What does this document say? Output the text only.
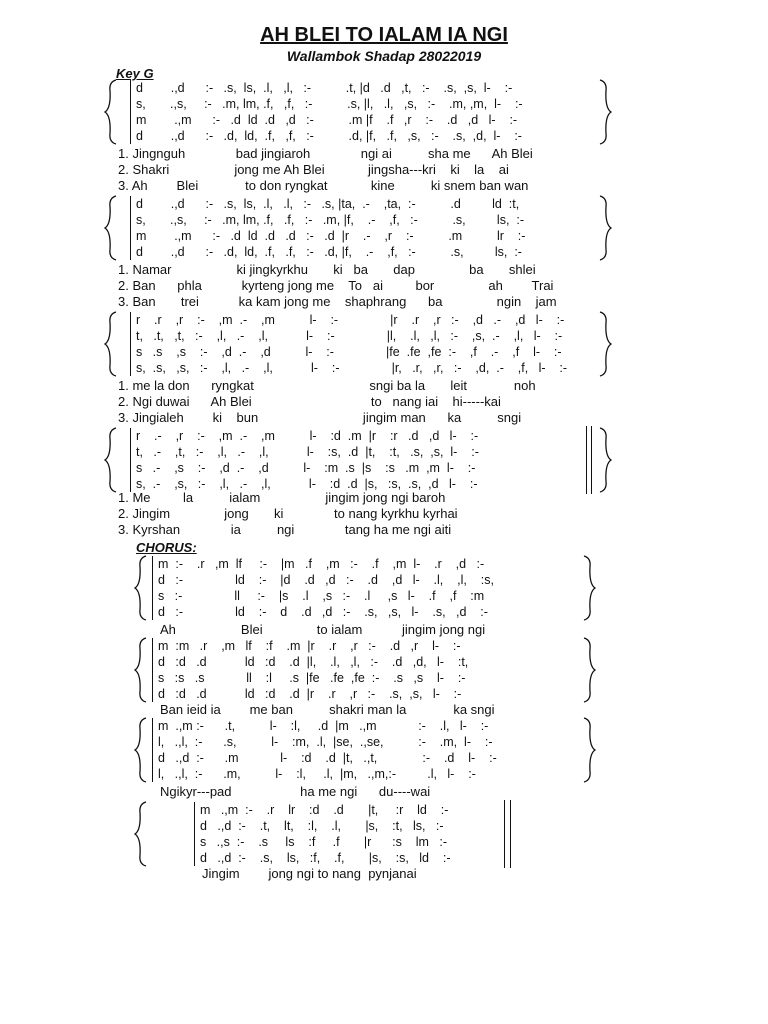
AH BLEI TO IALAM IA NGI
Wallambok Shadap 28022019
Key G
CHORUS:
d        .,d      :-   .s,  ls,  .l,   ,l,   :-          .t, |d   .d   ,t,   :-    .s,  ,s,  l-    :-
s,       .,s,     :-   .m, lm, .f,   ,f,   :-          .s, |l,   .l,   ,s,   :-    .m, ,m,  l-    :-
m        .,m      :-   .d  ld  .d   ,d   :-          .m |f    .f   ,r    :-    .d   ,d   l-    :-
d        .,d      :-   .d,  ld,  .f,   ,f,   :-          .d, |f,   .f,   ,s,   :-    .s,  ,d,  l-    :-
1. Jingnguh              bad jingiaroh              ngi ai          sha me      Ah Blei
2. Shakri                  jong me Ah Blei            jingsha---kri    ki    la    ai
3. Ah        Blei             to don ryngkat            kine          ki snem ban wan
d        .,d      :-   .s,  ls,  .l,   .l,   :-   .s, |ta,  .-    ,ta,  :-          .d         ld  :t,
s,       .,s,     :-   .m, lm, .f,   .f,   :-   .m, |f,    .-    ,f,   :-          .s,         ls,  :-
m        .,m      :-   .d  ld  .d   .d   :-   .d  |r    .-    ,r    :-          .m          lr    :-
d        .,d      :-   .d,  ld,  .f,   .f,   :-   .d, |f,    .-    ,f,   :-          .s,         ls,  :-
1. Namar                  ki jingkyrkhu       ki   ba       dap               ba       shlei
2. Ban      phla           kyrteng jong me    To   ai         bor               ah        Trai
3. Ban       trei           ka kam jong me    shaphrang      ba               ngin    jam
r    .r    ,r    :-    ,m  .-    ,m          l-    :-               |r    .r    ,r   :-    ,d   .-    ,d   l-    :-
t,   .t,   ,t,   :-    ,l,   .-    ,l,           l-    :-               |l,    .l,   ,l,   :-    ,s,  .-    ,l,   l-    :-
s   .s    ,s    :-    ,d  .-    ,d          l-    :-               |fe  .fe  ,fe  :-    ,f    .-    ,f    l-    :-
s,  .s,   ,s,   :-    ,l,   .-    ,l,           l-    :-               |r,   .r,   ,r,   :-    ,d,  .-    ,f,   l-    :-
1. me la don      ryngkat                                sngi ba la       leit             noh
2. Ngi duwai      Ah Blei                                 to   nang iai    hi-----kai
3. Jingialeh        ki    bun                             jingim man      ka          sngi
r    .-    ,r    :-    ,m  .-    ,m          l-    :d  .m  |r    :r   .d   ,d   l-    :-
t,   .-    ,t,   :-    ,l,   .-    ,l,           l-    :s,  .d  |t,    :t,   .s,  ,s,  l-    :-
s   .-    ,s    :-    ,d  .-    ,d          l-    :m  .s  |s    :s   .m  ,m  l-    :-
s,  .-    ,s,   :-    ,l,   .-    ,l,           l-    :d  .d  |s,   :s,  .s,  ,d   l-    :-
1. Me         la          ialam                  jingim jong ngi baroh
2. Jingim               jong       ki              to nang kyrkhu kyrhai
3. Kyrshan              ia          ngi              tang ha me ngi aiti
m  :-    .r   ,m  lf     :-    |m   .f    ,m   :-    .f    ,m  l-    .r    ,d   :-
d   :-               ld    :-    |d    .d   ,d   :-    .d    ,d   l-    .l,    ,l,    :s,
s   :-               ll     :-    |s    .l    ,s   :-    .l     ,s   l-    .f    ,f    :m
d   :-               ld    :-    d    .d   ,d   :-    .s,   ,s,   l-    .s,   ,d    :-
Ah                  Blei               to ialam           jingim jong ngi
m  :m   .r    ,m   lf    :f    .m  |r    .r    ,r   :-    .d   ,r    l-    :-
d   :d   .d           ld   :d    .d  |l,    .l,   ,l,   :-    .d   ,d,   l-    :t,
s   :s   .s            ll    :l     .s  |fe   .fe  ,fe  :-    .s   ,s    l-    :-
d   :d   .d           ld   :d    .d  |r    .r    ,r   :-    .s,  ,s,   l-    :-
Ban ieid ia        me ban          shakri man la             ka sngi
m  .,m :-      .t,          l-    :l,     .d  |m   .,m            :-    .l,   l-    :-
l,   .,l,  :-      .s,          l-    :m,  .l,  |se,  .,se,          :-    .m,  l-    :-
d   .,d  :-      .m            l-    :d    .d  |t,   .,t,             :-    .d    l-    :-
l,   .,l,  :-      .m,          l-    :l,     .l,  |m,   .,m,:-         .l,   l-    :-
Ngikyr---pad                   ha me ngi      du----wai
m   .,m  :-    .r    lr    :d    .d       |t,     :r    ld    :-
d   .,d  :-    .t,    lt,    :l,    .l,       |s,    :t,   ls,   :-
s   .,s  :-    .s     ls    :f     .f       |r      :s    lm   :-
d   .,d  :-    .s,    ls,   :f,    .f,       |s,    :s,   ld    :-
Jingim        jong ngi to nang  pynjanai
